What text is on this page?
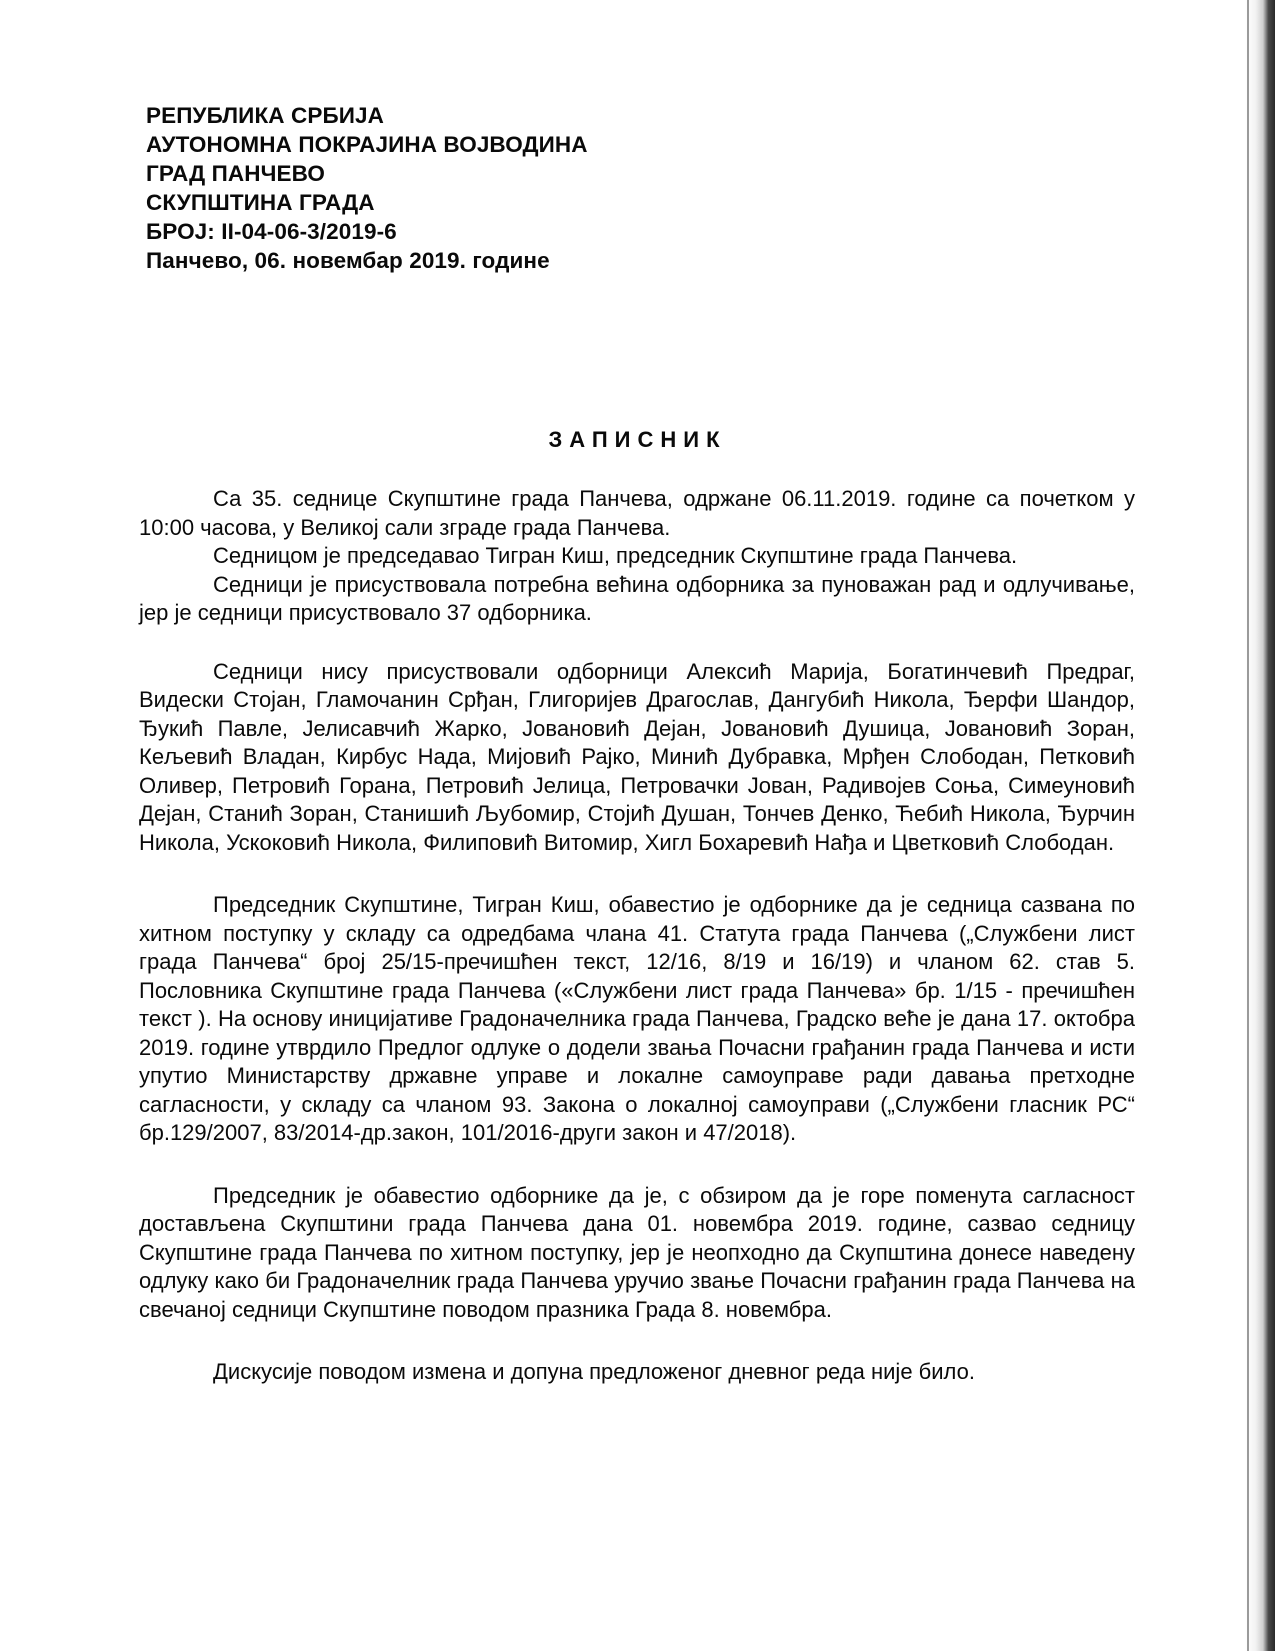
РЕПУБЛИКА СРБИЈА
АУТОНОМНА ПОКРАЈИНА ВОЈВОДИНА
ГРАД ПАНЧЕВО
СКУПШТИНА ГРАДА
БРОЈ: II-04-06-3/2019-6
Панчево, 06. новембар 2019. године
ЗАПИСНИК

Са 35. седнице Скупштине града Панчева, одржане 06.11.2019. године са почетком у 10:00 часова, у Великој сали зграде града Панчева.

Седницом је председавао Тигран Киш, председник Скупштине града Панчева.

Седници је присуствовала потребна већина одборника за пуноважан рад и одлучивање, јер је седници присуствовало 37 одборника.

Седници нису присуствовали одборници Алексић Марија, Богатинчевић Предраг, Видески Стојан, Гламочанин Срђан, Глигоријев Драгослав, Дангубић Никола, Ђерфи Шандор, Ђукић Павле, Јелисавчић Жарко, Јовановић Дејан, Јовановић Душица, Јовановић Зоран, Кељевић Владан, Кирбус Нада, Мијовић Рајко, Минић Дубравка, Мрђен Слободан, Петковић Оливер, Петровић Горана, Петровић Јелица, Петровачки Јован, Радивојев Соња, Симеуновић Дејан, Станић Зоран, Станишић Љубомир, Стојић Душан, Тончев Денко, Ћебић Никола, Ђурчин Никола, Ускоковић Никола, Филиповић Витомир, Хигл Бохаревић Нађа и Цветковић Слободан.

Председник Скупштине, Тигран Киш, обавестио је одборнике да је седница сазвана по хитном поступку у складу са одредбама члана 41. Статута града Панчева („Службени лист града Панчева“ број 25/15-пречишћен текст, 12/16, 8/19 и 16/19) и чланом 62. став 5. Пословника Скупштине града Панчева («Службени лист града Панчева» бр. 1/15 - пречишћен текст ). На основу иницијативе Градоначелника града Панчева, Градско веће је дана 17. октобра 2019. године утврдило Предлог одлуке о додели звања Почасни грађанин града Панчева и исти упутио Министарству државне управе и локалне самоуправе ради давања претходне сагласности, у складу са чланом 93. Закона о локалној самоуправи („Службени гласник РС“ бр.129/2007, 83/2014-др.закон, 101/2016-други закон и 47/2018).

Председник је обавестио одборнике да је, с обзиром да је горе поменута сагласност достављена Скупштини града Панчева дана 01. новембра 2019. године, сазвао седницу Скупштине града Панчева по хитном поступку, јер је неопходно да Скупштина донесе наведену одлуку како би Градоначелник града Панчева уручио звање Почасни грађанин града Панчева на свечаној седници Скупштине поводом празника Града 8. новембра.

Дискусије поводом измена и допуна предложеног дневног реда није било.
